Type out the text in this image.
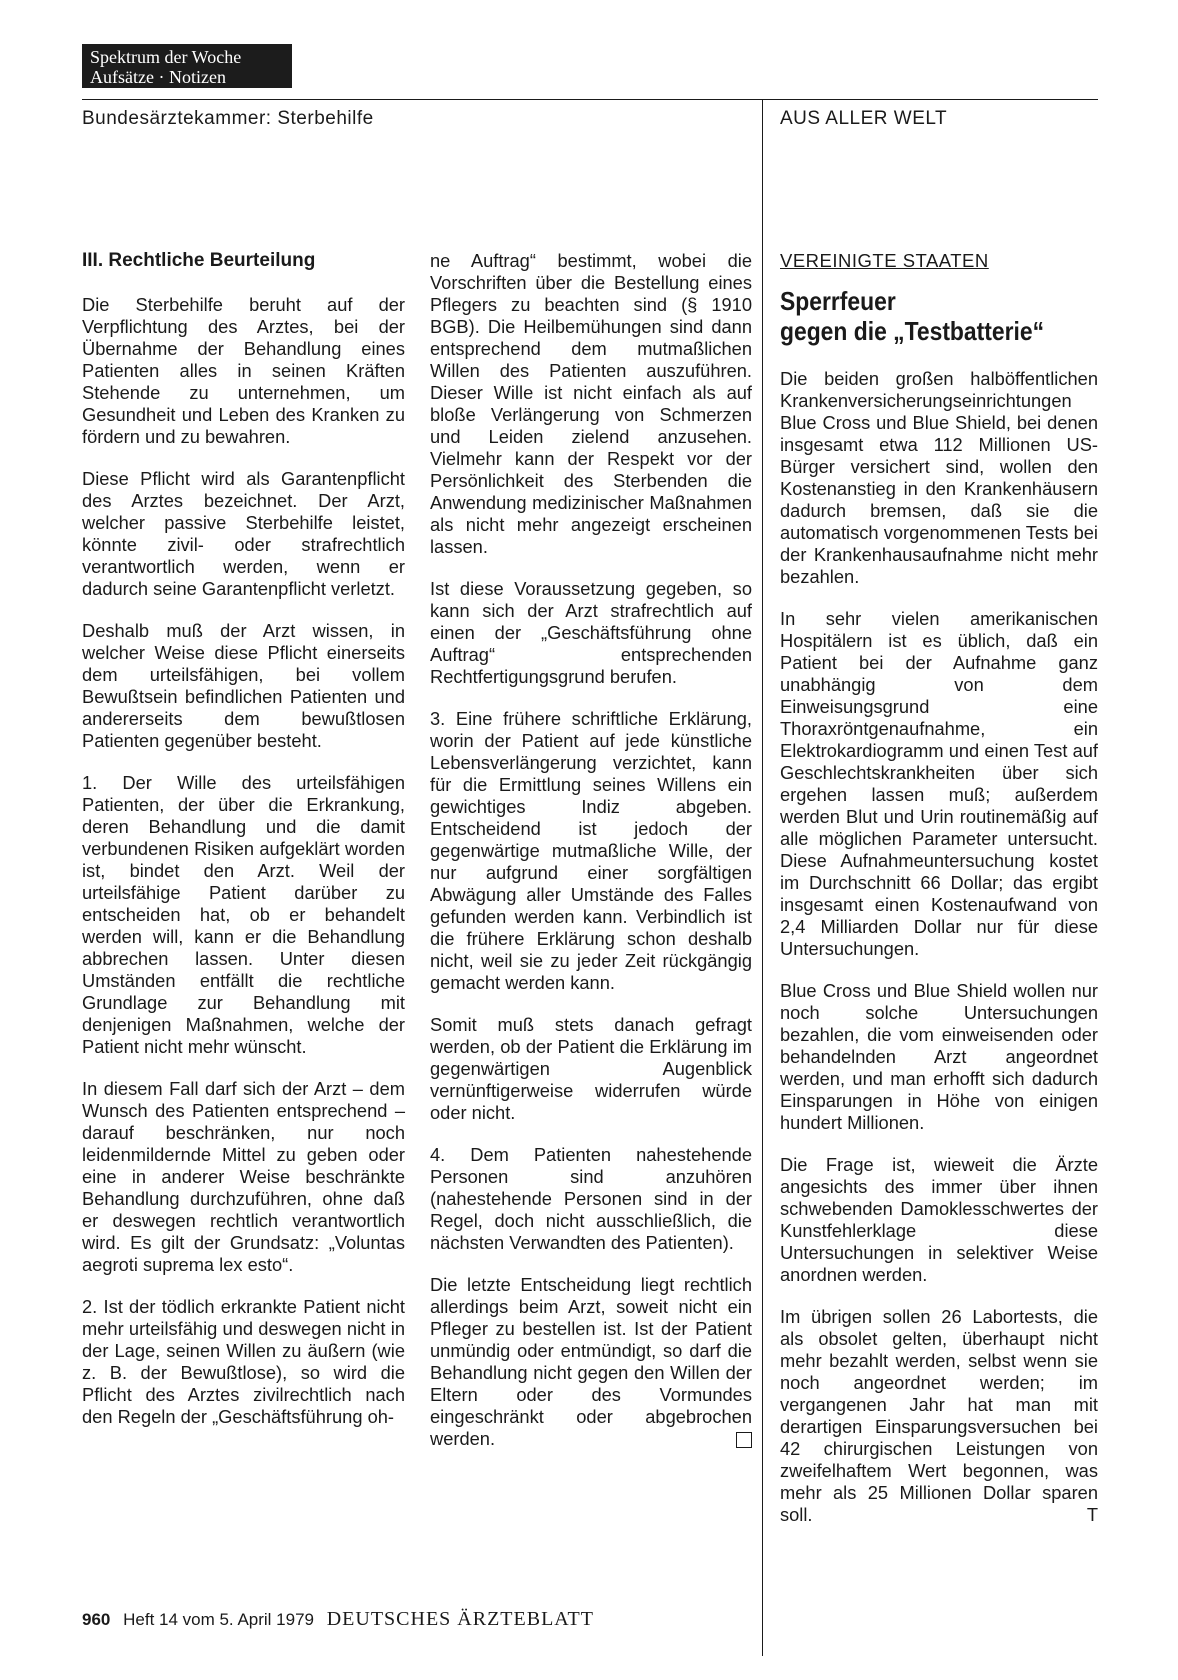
Spektrum der Woche
Aufsätze · Notizen
Bundesärztekammer: Sterbehilfe	AUS ALLER WELT
III. Rechtliche Beurteilung

Die Sterbehilfe beruht auf der Verpflichtung des Arztes, bei der Übernahme der Behandlung eines Patienten alles in seinen Kräften Stehende zu unternehmen, um Gesundheit und Leben des Kranken zu fördern und zu bewahren.

Diese Pflicht wird als Garantenpflicht des Arztes bezeichnet. Der Arzt, welcher passive Sterbehilfe leistet, könnte zivil- oder strafrechtlich verantwortlich werden, wenn er dadurch seine Garantenpflicht verletzt.

Deshalb muß der Arzt wissen, in welcher Weise diese Pflicht einerseits dem urteilsfähigen, bei vollem Bewußtsein befindlichen Patienten und andererseits dem bewußtlosen Patienten gegenüber besteht.

1. Der Wille des urteilsfähigen Patienten, der über die Erkrankung, deren Behandlung und die damit verbundenen Risiken aufgeklärt worden ist, bindet den Arzt. Weil der urteilsfähige Patient darüber zu entscheiden hat, ob er behandelt werden will, kann er die Behandlung abbrechen lassen. Unter diesen Umständen entfällt die rechtliche Grundlage zur Behandlung mit denjenigen Maßnahmen, welche der Patient nicht mehr wünscht.

In diesem Fall darf sich der Arzt – dem Wunsch des Patienten entsprechend – darauf beschränken, nur noch leidenmildernde Mittel zu geben oder eine in anderer Weise beschränkte Behandlung durchzuführen, ohne daß er deswegen rechtlich verantwortlich wird. Es gilt der Grundsatz: „Voluntas aegroti suprema lex esto“.

2. Ist der tödlich erkrankte Patient nicht mehr urteilsfähig und deswegen nicht in der Lage, seinen Willen zu äußern (wie z. B. der Bewußtlose), so wird die Pflicht des Arztes zivilrechtlich nach den Regeln der „Geschäftsführung oh-

ne Auftrag“ bestimmt, wobei die Vorschriften über die Bestellung eines Pflegers zu beachten sind (§ 1910 BGB). Die Heilbemühungen sind dann entsprechend dem mutmaßlichen Willen des Patienten auszuführen. Dieser Wille ist nicht einfach als auf bloße Verlängerung von Schmerzen und Leiden zielend anzusehen. Vielmehr kann der Respekt vor der Persönlichkeit des Sterbenden die Anwendung medizinischer Maßnahmen als nicht mehr angezeigt erscheinen lassen.

Ist diese Voraussetzung gegeben, so kann sich der Arzt strafrechtlich auf einen der „Geschäftsführung ohne Auftrag“ entsprechenden Rechtfertigungsgrund berufen.

3. Eine frühere schriftliche Erklärung, worin der Patient auf jede künstliche Lebensverlängerung verzichtet, kann für die Ermittlung seines Willens ein gewichtiges Indiz abgeben. Entscheidend ist jedoch der gegenwärtige mutmaßliche Wille, der nur aufgrund einer sorgfältigen Abwägung aller Umstände des Falles gefunden werden kann. Verbindlich ist die frühere Erklärung schon deshalb nicht, weil sie zu jeder Zeit rückgängig gemacht werden kann.

Somit muß stets danach gefragt werden, ob der Patient die Erklärung im gegenwärtigen Augenblick vernünftigerweise widerrufen würde oder nicht.

4. Dem Patienten nahestehende Personen sind anzuhören (nahestehende Personen sind in der Regel, doch nicht ausschließlich, die nächsten Verwandten des Patienten).

Die letzte Entscheidung liegt rechtlich allerdings beim Arzt, soweit nicht ein Pfleger zu bestellen ist. Ist der Patient unmündig oder entmündigt, so darf die Behandlung nicht gegen den Willen der Eltern oder des Vormundes eingeschränkt oder abgebrochen werden.

VEREINIGTE STAATEN
Sperrfeuer
gegen die „Testbatterie“

Die beiden großen halböffentlichen Krankenversicherungseinrichtungen Blue Cross und Blue Shield, bei denen insgesamt etwa 112 Millionen US-Bürger versichert sind, wollen den Kostenanstieg in den Krankenhäusern dadurch bremsen, daß sie die automatisch vorgenommenen Tests bei der Krankenhausaufnahme nicht mehr bezahlen.

In sehr vielen amerikanischen Hospitälern ist es üblich, daß ein Patient bei der Aufnahme ganz unabhängig von dem Einweisungsgrund eine Thoraxröntgenaufnahme, ein Elektrokardiogramm und einen Test auf Geschlechtskrankheiten über sich ergehen lassen muß; außerdem werden Blut und Urin routinemäßig auf alle möglichen Parameter untersucht. Diese Aufnahmeuntersuchung kostet im Durchschnitt 66 Dollar; das ergibt insgesamt einen Kostenaufwand von 2,4 Milliarden Dollar nur für diese Untersuchungen.

Blue Cross und Blue Shield wollen nur noch solche Untersuchungen bezahlen, die vom einweisenden oder behandelnden Arzt angeordnet werden, und man erhofft sich dadurch Einsparungen in Höhe von einigen hundert Millionen.

Die Frage ist, wieweit die Ärzte angesichts des immer über ihnen schwebenden Damoklesschwertes der Kunstfehlerklage diese Untersuchungen in selektiver Weise anordnen werden.

Im übrigen sollen 26 Labortests, die als obsolet gelten, überhaupt nicht mehr bezahlt werden, selbst wenn sie noch angeordnet werden; im vergangenen Jahr hat man mit derartigen Einsparungsversuchen bei 42 chirurgischen Leistungen von zweifelhaftem Wert begonnen, was mehr als 25 Millionen Dollar sparen soll.	T

960 Heft 14 vom 5. April 1979 DEUTSCHES ÄRZTEBLATT
